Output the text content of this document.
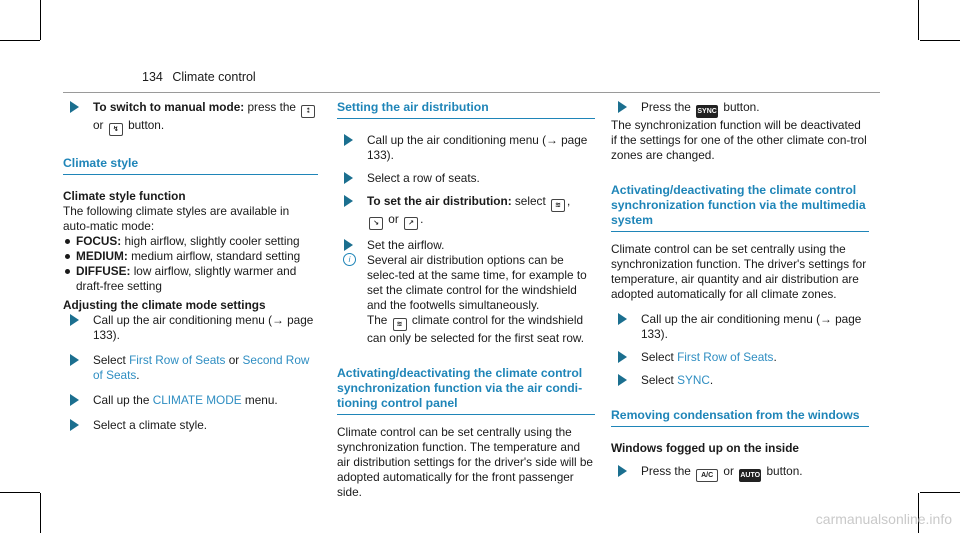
134 Climate control
To switch to manual mode: press the ⁑
or ↯ button.
Climate style
Climate style function
The following climate styles are available in auto-matic mode:
FOCUS: high airflow, slightly cooler setting
MEDIUM: medium airflow, standard setting
DIFFUSE: low airflow, slightly warmer and draft-free setting
Adjusting the climate mode settings
Call up the air conditioning menu (→ page 133).
Select First Row of Seats or Second Row of Seats.
Call up the CLIMATE MODE menu.
Select a climate style.
Setting the air distribution
Call up the air conditioning menu (→ page 133).
Select a row of seats.
To set the air distribution: select ≋ ,
↘ or ↗ .
Set the airflow.
i	Several air distribution options can be selec-ted at the same time, for example to set the climate control for the windshield and the footwells simultaneously.
The ≋ climate control for the windshield can only be selected for the first seat row.
Activating/deactivating the climate control synchronization function via the air condi-tioning control panel
Climate control can be set centrally using the synchronization function. The temperature and air distribution settings for the driver's side will be adopted automatically for the front passenger side.
Press the SYNC button.
The synchronization function will be deactivated if the settings for one of the other climate con-trol zones are changed.
Activating/deactivating the climate control synchronization function via the multimedia system
Climate control can be set centrally using the synchronization function. The driver's settings for temperature, air quantity and air distribution are adopted automatically for all climate zones.
Call up the air conditioning menu (→ page 133).
Select First Row of Seats.
Select SYNC.
Removing condensation from the windows
Windows fogged up on the inside
Press the A/C or AUTO button.
carmanualsonline.info
